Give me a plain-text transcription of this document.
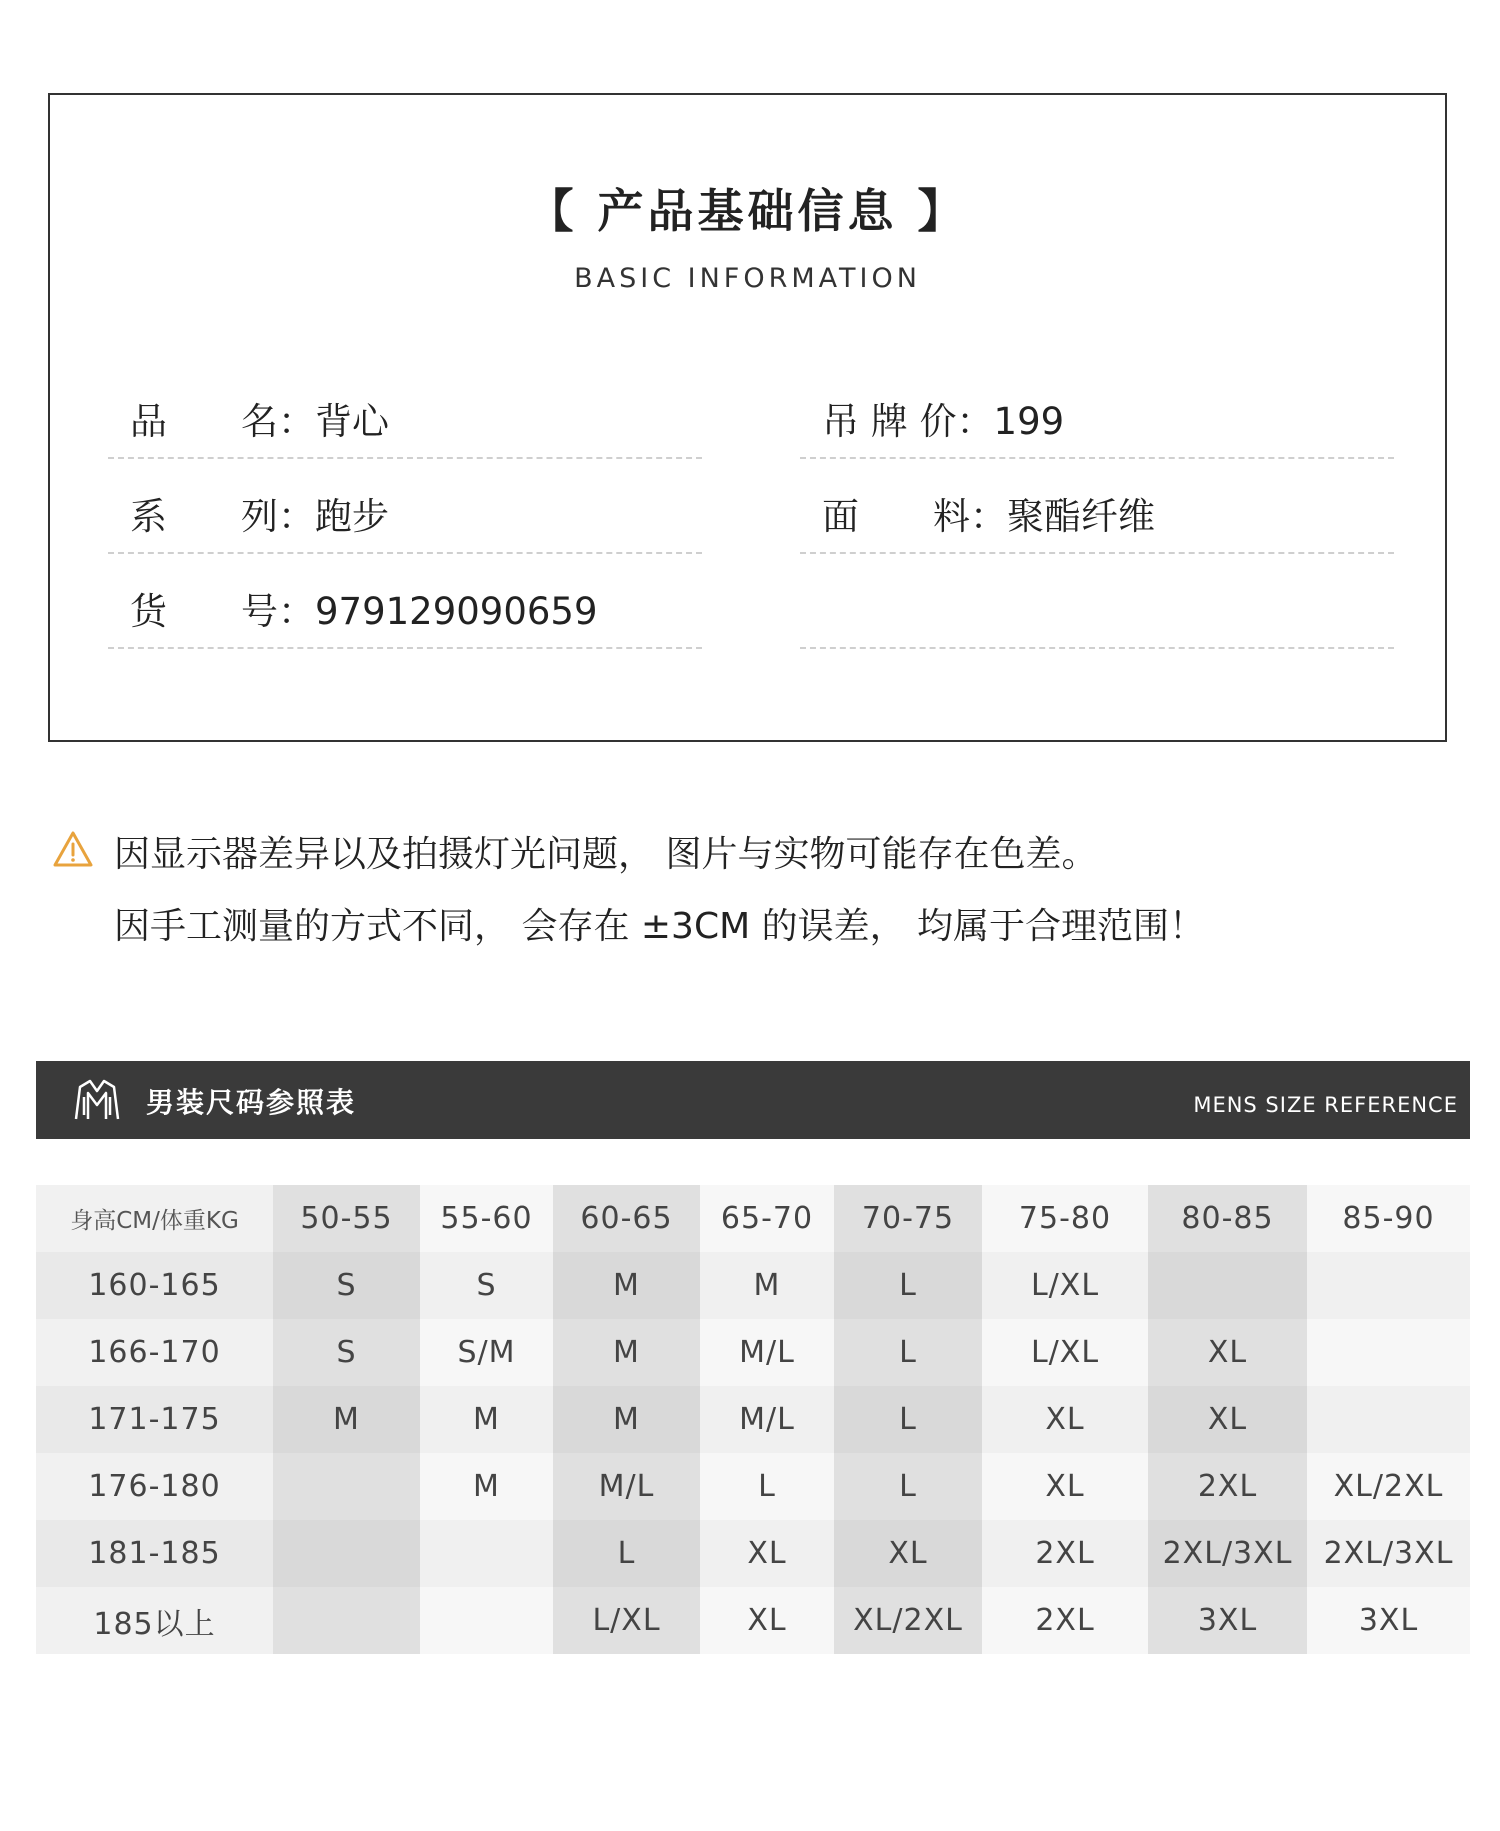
【 产品基础信息 】
BASIC INFORMATION
品　　名：背心
系　　列：跑步
货　　号：979129090659
吊 牌 价：199
面　　料：聚酯纤维
因显示器差异以及拍摄灯光问题， 图片与实物可能存在色差。
因手工测量的方式不同， 会存在 ±3CM 的误差， 均属于合理范围！
男装尺码参照表	MENS SIZE REFERENCE
身高CM/体重KG	50-55	55-60	60-65	65-70	70-75	75-80	80-85	85-90
160-165	S	S	M	M	L	L/XL		
166-170	S	S/M	M	M/L	L	L/XL	XL	
171-175	M	M	M	M/L	L	XL	XL	
176-180		M	M/L	L	L	XL	2XL	XL/2XL
181-185			L	XL	XL	2XL	2XL/3XL	2XL/3XL
185以上			L/XL	XL	XL/2XL	2XL	3XL	3XL
